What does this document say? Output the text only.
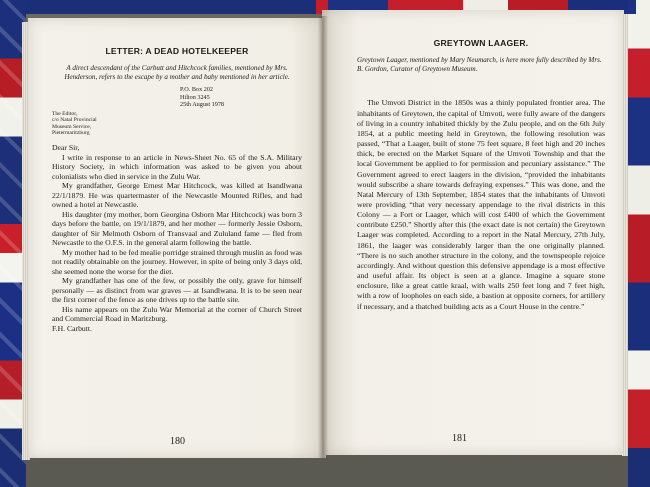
LETTER: A DEAD HOTELKEEPER
A direct descendant of the Carbutt and Hitchcock families, mentioned by Mrs. Henderson, refers to the escape by a mother and baby mentioned in her article.
P.O. Box 202
Hilton 3245
25th August 1978
The Editor,
c/o Natal Provincial
Museum Service,
Pietermaritzburg

Dear Sir,

I write in response to an article in News-Sheet No. 65 of the S.A. Military History Society, in which information was asked to be given you about colonialists who died in service in the Zulu War.

My grandfather, George Ernest Mar Hitchcock, was killed at Isandlwana 22/1/1879. He was quartermaster of the Newcastle Mounted Rifles, and had owned a hotel at Newcastle.

His daughter (my mother, born Georgina Osborn Mar Hitchcock) was born 3 days before the battle, on 19/1/1879, and her mother — formerly Jessie Osborn, daughter of Sir Melmoth Osborn of Transvaal and Zululand fame — fled from Newcastle to the O.F.S. in the general alarm following the battle.

My mother had to be fed mealie porridge strained through muslin as food was not readily obtainable on the journey. However, in spite of being only 3 days old, she seemed none the worse for the diet.

My grandfather has one of the few, or possibly the only, grave for himself personally — as distinct from war graves — at Isandlwana. It is to be seen near the first corner of the fence as one drives up to the battle site.

His name appears on the Zulu War Memorial at the corner of Church Street and Commercial Road in Maritzburg.

F.H. Carbutt.

180
GREYTOWN LAAGER.
Greytown Laager, mentioned by Mary Neumarch, is here more fully described by Mrs. B. Gordon, Curator of Greytown Museum.

The Umvoti District in the 1850s was a thinly populated frontier area. The inhabitants of Greytown, the capital of Umvoti, were fully aware of the dangers of living in a country inhabited thickly by the Zulu people, and on the 6th July 1854, at a public meeting held in Greytown, the following resolution was passed, “That a Laager, built of stone 75 feet square, 8 feet high and 20 inches thick, be erected on the Market Square of the Umvoti Township and that the local Government be applied to for permission and pecuniary assistance.” The Government agreed to erect laagers in the division, “provided the inhabitants would subscribe a share towards defraying expenses.” This was done, and the Natal Mercury of 13th September, 1854 states that the inhabitants of Umvoti were providing “that very necessary appendage to the rival districts in this Colony — a Fort or Laager, which will cost £400 of which the Government contribute £250.” Shortly after this (the exact date is not certain) the Greytown Laager was completed. According to a report in the Natal Mercury, 27th July, 1861, the laager was considerably larger than the one originally planned. “There is no such another structure in the colony, and the townspeople rejoice accordingly. And without question this defensive appendage is a most effective and useful affair. Its object is seen at a glance. Imagine a square stone enclosure, like a great cattle kraal, with walls 250 feet long and 7 feet high, with a row of loopholes on each side, a bastion at opposite corners, for artillery if necessary, and a thatched building acts as a Court House in the centre.”

181
